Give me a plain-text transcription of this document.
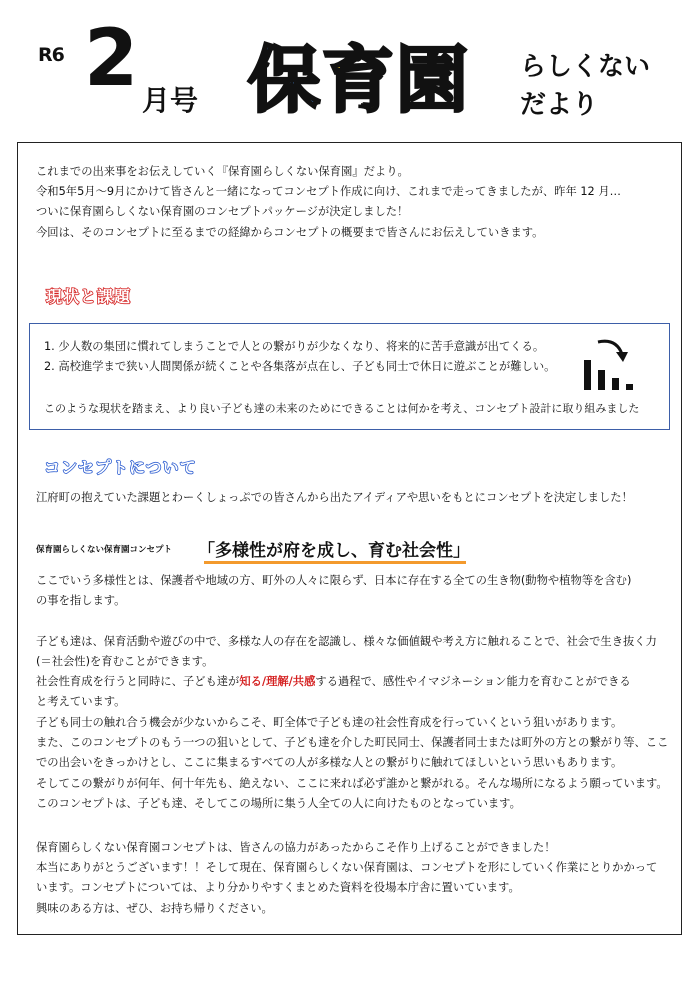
R6 2 月号 保 育 園 らしくない
だより
これまでの出来事をお伝えしていく『保育園らしくない保育園』だより。
令和5年5月～9月にかけて皆さんと一緒になってコンセプト作成に向け、これまで走ってきましたが、昨年 12 月…
ついに保育園らしくない保育園のコンセプトパッケージが決定しました！
今回は、そのコンセプトに至るまでの経緯からコンセプトの概要まで皆さんにお伝えしていきます。
現状と課題
1. 少人数の集団に慣れてしまうことで人との繋がりが少なくなり、将来的に苦手意識が出てくる。
2. 高校進学まで狭い人間関係が続くことや各集落が点在し、子ども同士で休日に遊ぶことが難しい。
このような現状を踏まえ、より良い子ども達の未来のためにできることは何かを考え、コンセプト設計に取り組みました
コンセプトについて
江府町の抱えていた課題とわーくしょっぷでの皆さんから出たアイディアや思いをもとにコンセプトを決定しました！
保育園らしくない保育園コンセプト 「多様性が府を成し、育む社会性」
ここでいう多様性とは、保護者や地域の方、町外の人々に限らず、日本に存在する全ての生き物(動物や植物等を含む)
の事を指します。
子ども達は、保育活動や遊びの中で、多様な人の存在を認識し、様々な価値観や考え方に触れることで、社会で生き抜く力
(＝社会性)を育むことができます。
社会性育成を行うと同時に、子ども達が知る/理解/共感する過程で、感性やイマジネーション能力を育むことができる
と考えています。
子ども同士の触れ合う機会が少ないからこそ、町全体で子ども達の社会性育成を行っていくという狙いがあります。
また、このコンセプトのもう一つの狙いとして、子ども達を介した町民同士、保護者同士または町外の方との繋がり等、ここ
での出会いをきっかけとし、ここに集まるすべての人が多様な人との繋がりに触れてほしいという思いもあります。
そしてこの繋がりが何年、何十年先も、絶えない、ここに来れば必ず誰かと繋がれる。そんな場所になるよう願っています。
このコンセプトは、子ども達、そしてこの場所に集う人全ての人に向けたものとなっています。
保育園らしくない保育園コンセプトは、皆さんの協力があったからこそ作り上げることができました！
本当にありがとうございます！！そして現在、保育園らしくない保育園は、コンセプトを形にしていく作業にとりかかって
います。コンセプトについては、より分かりやすくまとめた資料を役場本庁舎に置いています。
興味のある方は、ぜひ、お持ち帰りください。
